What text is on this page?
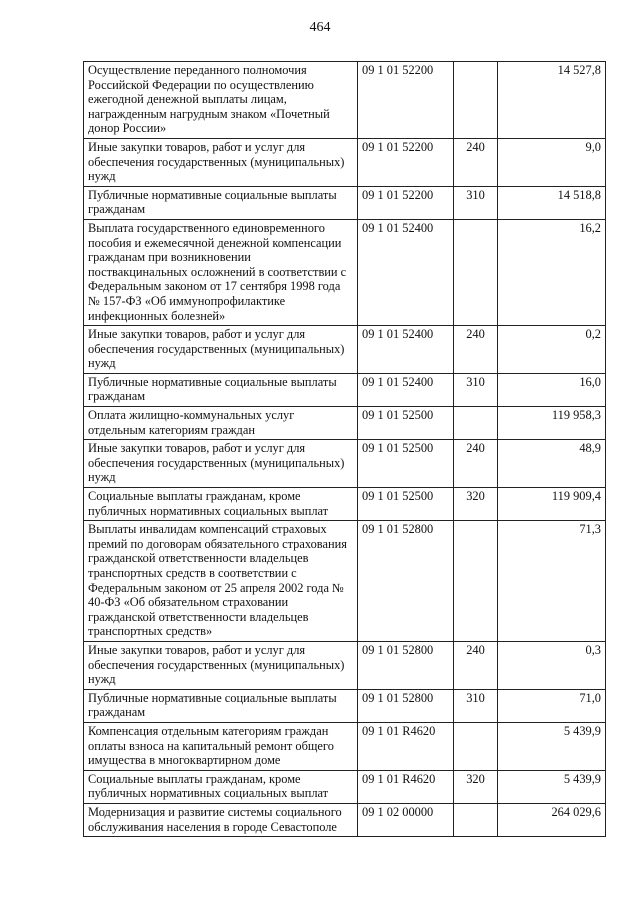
464
Осуществление переданного полномочия Российской Федерации по осуществлению ежегодной денежной выплаты лицам, награжденным нагрудным знаком «Почетный донор России»	09 1 01 52200		14 527,8
Иные закупки товаров, работ и услуг для обеспечения государственных (муниципальных) нужд	09 1 01 52200	240	9,0
Публичные нормативные социальные выплаты гражданам	09 1 01 52200	310	14 518,8
Выплата государственного единовременного пособия и ежемесячной денежной компенсации гражданам при возникновении поствакцинальных осложнений в соответствии с Федеральным законом от 17 сентября 1998 года № 157-ФЗ «Об иммунопрофилактике инфекционных болезней»	09 1 01 52400		16,2
Иные закупки товаров, работ и услуг для обеспечения государственных (муниципальных) нужд	09 1 01 52400	240	0,2
Публичные нормативные социальные выплаты гражданам	09 1 01 52400	310	16,0
Оплата жилищно-коммунальных услуг отдельным категориям граждан	09 1 01 52500		119 958,3
Иные закупки товаров, работ и услуг для обеспечения государственных (муниципальных) нужд	09 1 01 52500	240	48,9
Социальные выплаты гражданам, кроме публичных нормативных социальных выплат	09 1 01 52500	320	119 909,4
Выплаты инвалидам компенсаций страховых премий по договорам обязательного страхования гражданской ответственности владельцев транспортных средств в соответствии с Федеральным законом от 25 апреля 2002 года № 40-ФЗ «Об обязательном страховании гражданской ответственности владельцев транспортных средств»	09 1 01 52800		71,3
Иные закупки товаров, работ и услуг для обеспечения государственных (муниципальных) нужд	09 1 01 52800	240	0,3
Публичные нормативные социальные выплаты гражданам	09 1 01 52800	310	71,0
Компенсация отдельным категориям граждан оплаты взноса на капитальный ремонт общего имущества в многоквартирном доме	09 1 01 R4620		5 439,9
Социальные выплаты гражданам, кроме публичных нормативных социальных выплат	09 1 01 R4620	320	5 439,9
Модернизация и развитие системы социального обслуживания населения в городе Севастополе	09 1 02 00000		264 029,6
